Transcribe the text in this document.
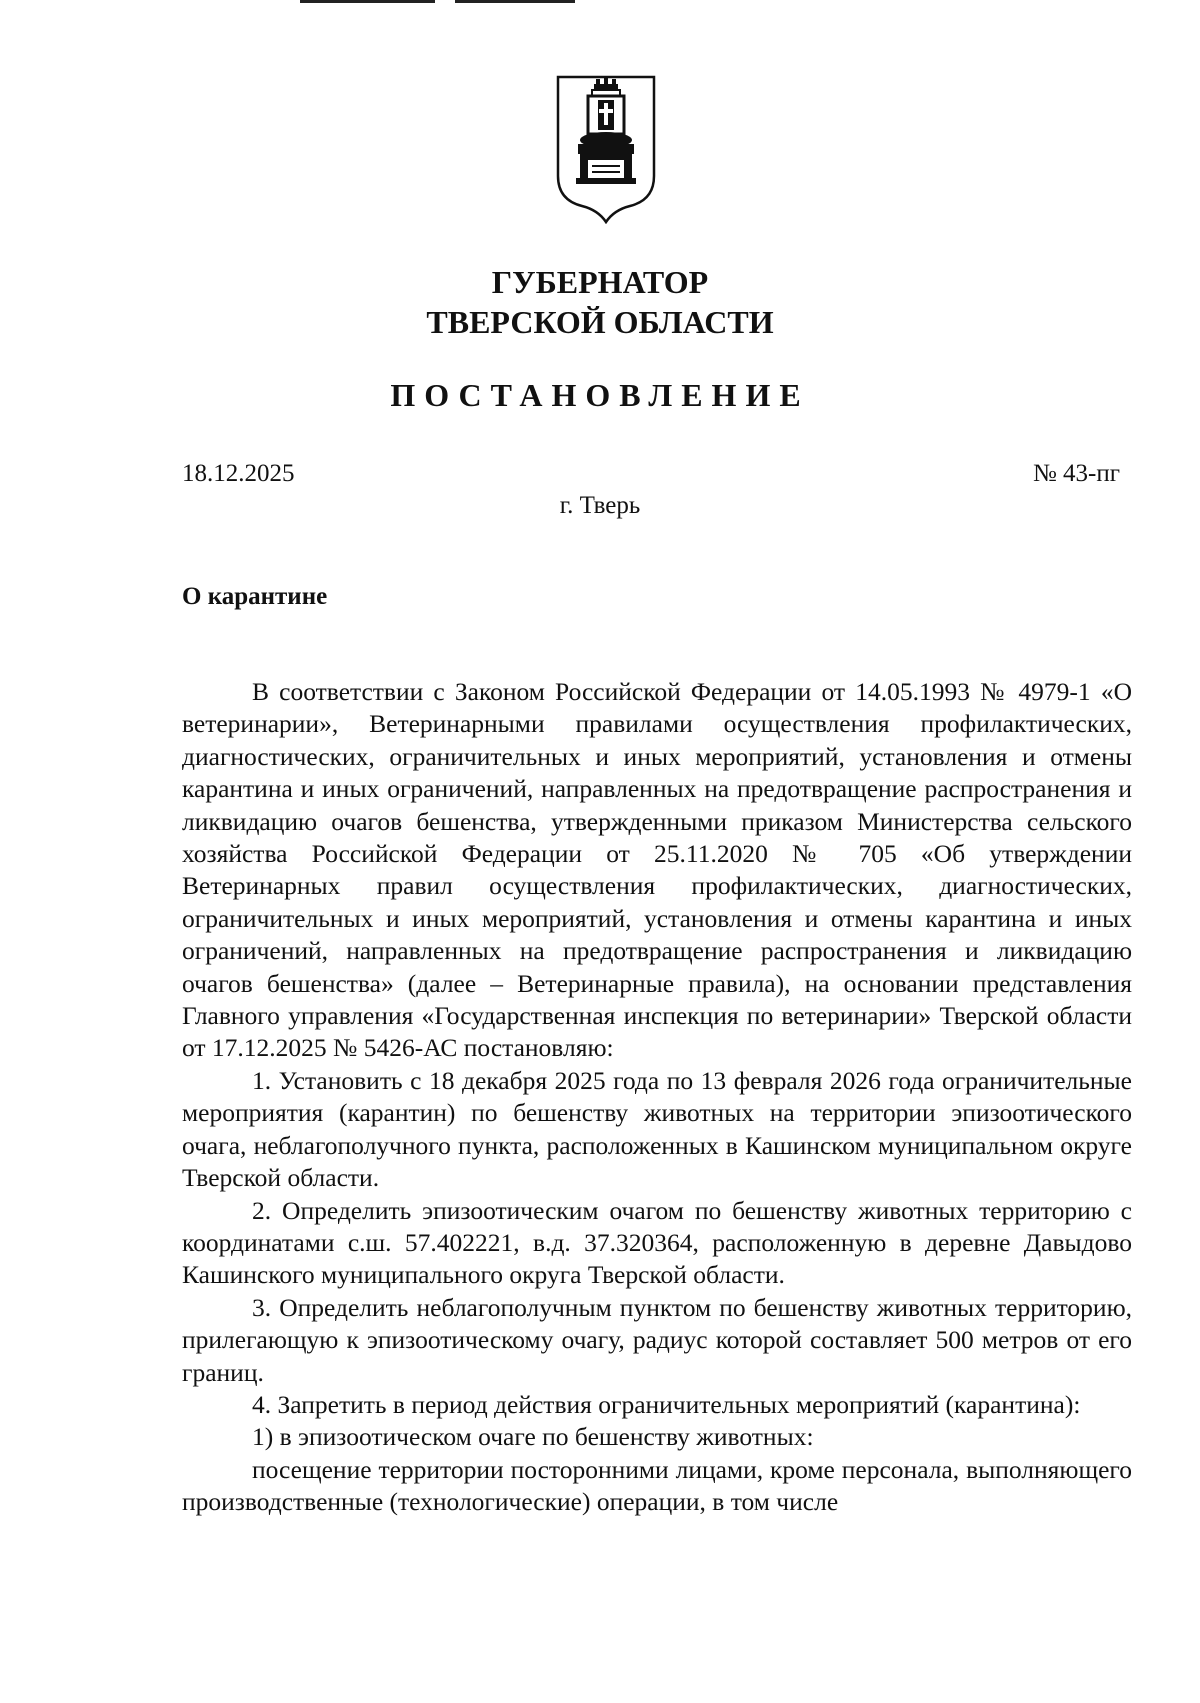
ГУБЕРНАТОР
ТВЕРСКОЙ ОБЛАСТИ
ПОСТАНОВЛЕНИЕ
18.12.2025	№ 43-пг
г. Тверь
О карантине

В соответствии с Законом Российской Федерации от 14.05.1993 № 4979-1 «О ветеринарии», Ветеринарными правилами осуществления профилактических, диагностических, ограничительных и иных мероприятий, установления и отмены карантина и иных ограничений, направленных на предотвращение распространения и ликвидацию очагов бешенства, утвержденными приказом Министерства сельского хозяйства Российской Федерации от 25.11.2020 № 705 «Об утверждении Ветеринарных правил осуществления профилактических, диагностических, ограничительных и иных мероприятий, установления и отмены карантина и иных ограничений, направленных на предотвращение распространения и ликвидацию очагов бешенства» (далее – Ветеринарные правила), на основании представления Главного управления «Государственная инспекция по ветеринарии» Тверской области от 17.12.2025 № 5426-АС постановляю:

1. Установить с 18 декабря 2025 года по 13 февраля 2026 года ограничительные мероприятия (карантин) по бешенству животных на территории эпизоотического очага, неблагополучного пункта, расположенных в Кашинском муниципальном округе Тверской области.

2. Определить эпизоотическим очагом по бешенству животных территорию с координатами с.ш. 57.402221, в.д. 37.320364, расположенную в деревне Давыдово Кашинского муниципального округа Тверской области.

3. Определить неблагополучным пунктом по бешенству животных территорию, прилегающую к эпизоотическому очагу, радиус которой составляет 500 метров от его границ.

4. Запретить в период действия ограничительных мероприятий (карантина):

1) в эпизоотическом очаге по бешенству животных:

посещение территории посторонними лицами, кроме персонала, выполняющего производственные (технологические) операции, в том числе
